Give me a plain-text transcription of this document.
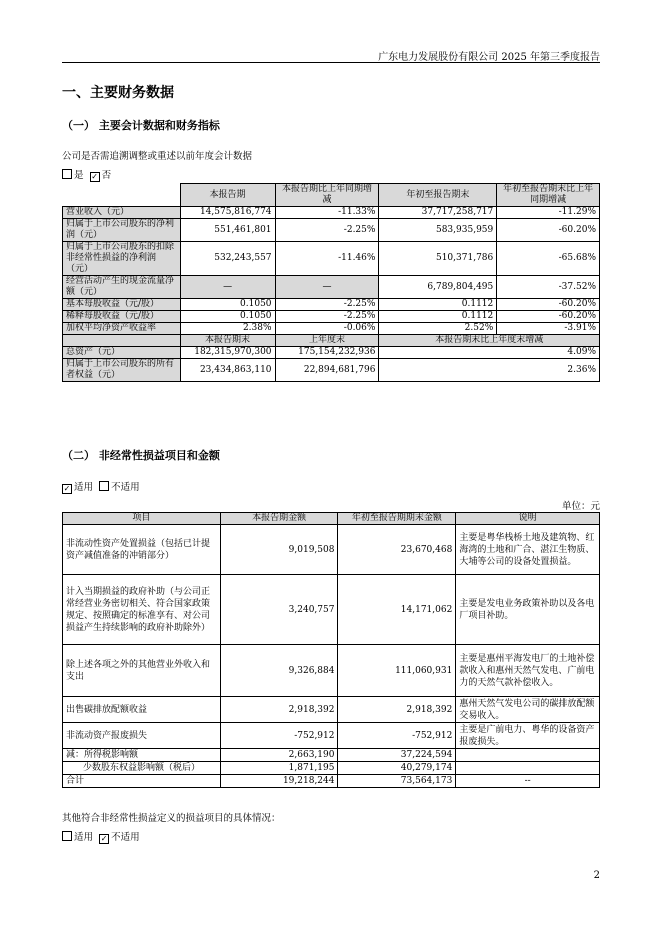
广东电力发展股份有限公司 2025 年第三季度报告
一、主要财务数据
（一） 主要会计数据和财务指标
公司是否需追溯调整或重述以前年度会计数据
是 ✓ 否
	本报告期	本报告期比上年同期增减	年初至报告期末	年初至报告期末比上年同期增减
营业收入（元）	14,575,816,774	-11.33%	37,717,258,717	-11.29%
归属于上市公司股东的净利润（元）	551,461,801	-2.25%	583,935,959	-60.20%
归属于上市公司股东的扣除非经常性损益的净利润（元）	532,243,557	-11.46%	510,371,786	-65.68%
经营活动产生的现金流量净额（元）	—	—	6,789,804,495	-37.52%
基本每股收益（元/股）	0.1050	-2.25%	0.1112	-60.20%
稀释每股收益（元/股）	0.1050	-2.25%	0.1112	-60.20%
加权平均净资产收益率	2.38%	-0.06%	2.52%	-3.91%
	本报告期末	上年度末	本报告期末比上年度末增减	
总资产（元）	182,315,970,300	175,154,232,936	4.09%	
归属于上市公司股东的所有者权益（元）	23,434,863,110	22,894,681,796	2.36%	
（二） 非经常性损益项目和金额
✓ 适用 不适用
单位：元
项目	本报告期金额	年初至报告期期末金额	说明
非流动性资产处置损益（包括已计提资产减值准备的冲销部分）	9,019,508	23,670,468	主要是粤华栈桥土地及建筑物、红海湾的土地和广合、湛江生物质、大埔等公司的设备处置损益。
计入当期损益的政府补助（与公司正常经营业务密切相关、符合国家政策规定、按照确定的标准享有、对公司损益产生持续影响的政府补助除外）	3,240,757	14,171,062	主要是发电业务政策补助以及各电厂项目补助。
除上述各项之外的其他营业外收入和支出	9,326,884	111,060,931	主要是惠州平海发电厂的土地补偿款收入和惠州天然气发电、广前电力的天然气款补偿收入。
出售碳排放配额收益	2,918,392	2,918,392	惠州天然气发电公司的碳排放配额交易收入。
非流动资产报废损失	-752,912	-752,912	主要是广前电力、粤华的设备资产报废损失。
减：所得税影响额	2,663,190	37,224,594	
少数股东权益影响额（税后）	1,871,195	40,279,174	
合计	19,218,244	73,564,173	--
其他符合非经常性损益定义的损益项目的具体情况：
适用 ✓ 不适用
2
